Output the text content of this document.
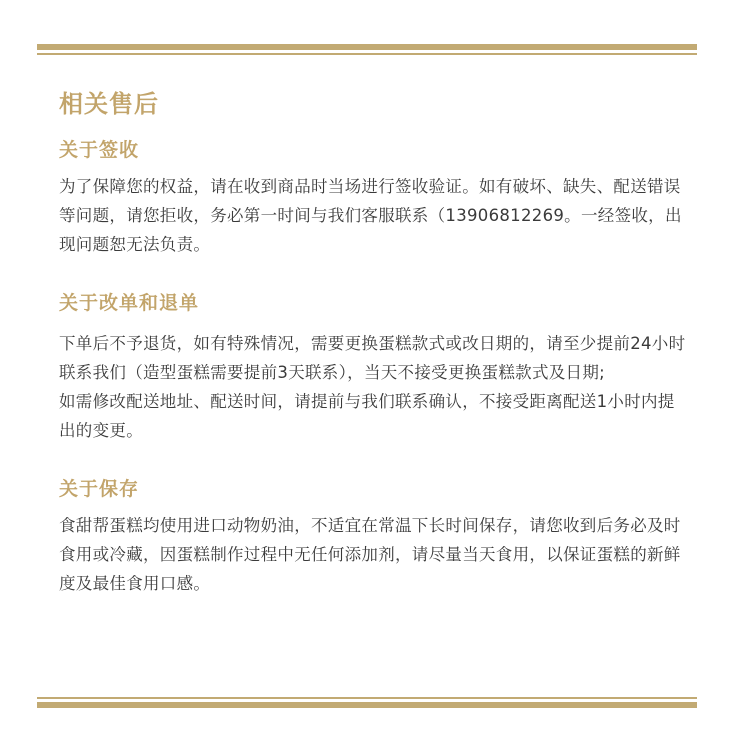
相关售后
关于签收

为了保障您的权益，请在收到商品时当场进行签收验证。如有破坏、缺失、配送错误等问题，请您拒收，务必第一时间与我们客服联系（13906812269。一经签收，出现问题恕无法负责。

关于改单和退单

下单后不予退货，如有特殊情况，需要更换蛋糕款式或改日期的，请至少提前24小时联系我们（造型蛋糕需要提前3天联系），当天不接受更换蛋糕款式及日期;

如需修改配送地址、配送时间，请提前与我们联系确认，不接受距离配送1小时内提出的变更。

关于保存

食甜帮蛋糕均使用进口动物奶油，不适宜在常温下长时间保存，请您收到后务必及时食用或冷藏，因蛋糕制作过程中无任何添加剂，请尽量当天食用，以保证蛋糕的新鲜度及最佳食用口感。
